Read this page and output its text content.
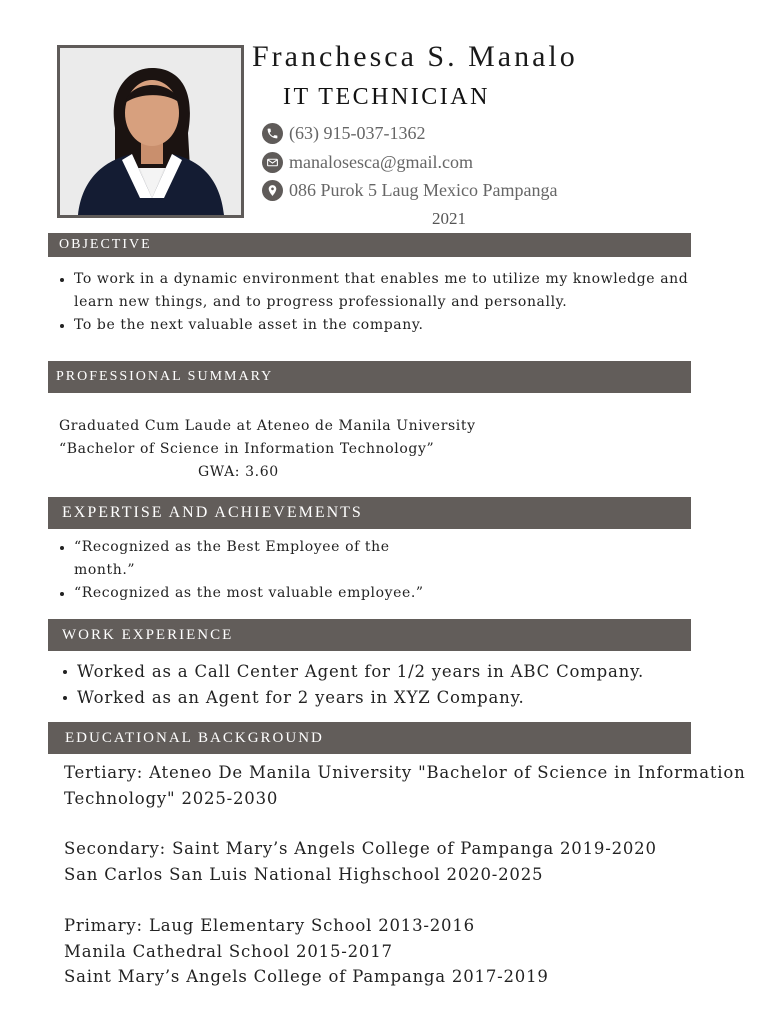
Franchesca S. Manalo
IT TECHNICIAN
(63) 915-037-1362
manalosesca@gmail.com
086 Purok 5 Laug Mexico Pampanga
2021
OBJECTIVE
To work in a dynamic environment that enables me to utilize my knowledge and
learn new things, and to progress professionally and personally.
To be the next valuable asset in the company.
PROFESSIONAL SUMMARY
Graduated Cum Laude at Ateneo de Manila University
“Bachelor of Science in Information Technology”
GWA: 3.60
EXPERTISE AND ACHIEVEMENTS
“Recognized as the Best Employee of the
month.”
“Recognized as the most valuable employee.”
WORK EXPERIENCE
Worked as a Call Center Agent for 1/2 years in ABC Company.
Worked as an Agent for 2 years in XYZ Company.
EDUCATIONAL BACKGROUND
Tertiary: Ateneo De Manila University "Bachelor of Science in Information
Technology" 2025-2030
Secondary: Saint Mary’s Angels College of Pampanga 2019-2020
San Carlos San Luis National Highschool 2020-2025
Primary: Laug Elementary School 2013-2016
Manila Cathedral School 2015-2017
Saint Mary’s Angels College of Pampanga 2017-2019
